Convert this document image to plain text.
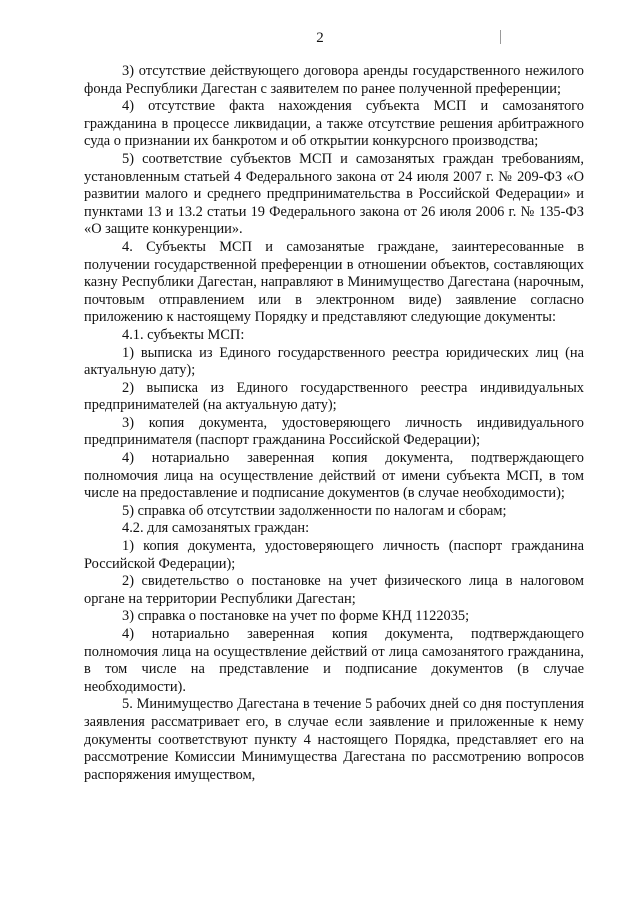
2

3) отсутствие действующего договора аренды государственного нежилого фонда Республики Дагестан с заявителем по ранее полученной преференции;

4) отсутствие факта нахождения субъекта МСП и самозанятого гражданина в процессе ликвидации, а также отсутствие решения арбитражного суда о признании их банкротом и об открытии конкурсного производства;

5) соответствие субъектов МСП и самозанятых граждан требованиям, установленным статьей 4 Федерального закона от 24 июля 2007 г. № 209-ФЗ «О развитии малого и среднего предпринимательства в Российской Федерации» и пунктами 13 и 13.2 статьи 19 Федерального закона от 26 июля 2006 г. № 135-ФЗ «О защите конкуренции».

4. Субъекты МСП и самозанятые граждане, заинтересованные в получении государственной преференции в отношении объектов, составляющих казну Республики Дагестан, направляют в Минимущество Дагестана (нарочным, почтовым отправлением или в электронном виде) заявление согласно приложению к настоящему Порядку и представляют следующие документы:

4.1. субъекты МСП:

1) выписка из Единого государственного реестра юридических лиц (на актуальную дату);

2) выписка из Единого государственного реестра индивидуальных предпринимателей (на актуальную дату);

3) копия документа, удостоверяющего личность индивидуального предпринимателя (паспорт гражданина Российской Федерации);

4) нотариально заверенная копия документа, подтверждающего полномочия лица на осуществление действий от имени субъекта МСП, в том числе на предоставление и подписание документов (в случае необходимости);

5) справка об отсутствии задолженности по налогам и сборам;

4.2. для самозанятых граждан:

1) копия документа, удостоверяющего личность (паспорт гражданина Российской Федерации);

2) свидетельство о постановке на учет физического лица в налоговом органе на территории Республики Дагестан;

3) справка о постановке на учет по форме КНД 1122035;

4) нотариально заверенная копия документа, подтверждающего полномочия лица на осуществление действий от лица самозанятого гражданина, в том числе на представление и подписание документов (в случае необходимости).

5. Минимущество Дагестана в течение 5 рабочих дней со дня поступления заявления рассматривает его, в случае если заявление и приложенные к нему документы соответствуют пункту 4 настоящего Порядка, представляет его на рассмотрение Комиссии Минимущества Дагестана по рассмотрению вопросов распоряжения имуществом,
